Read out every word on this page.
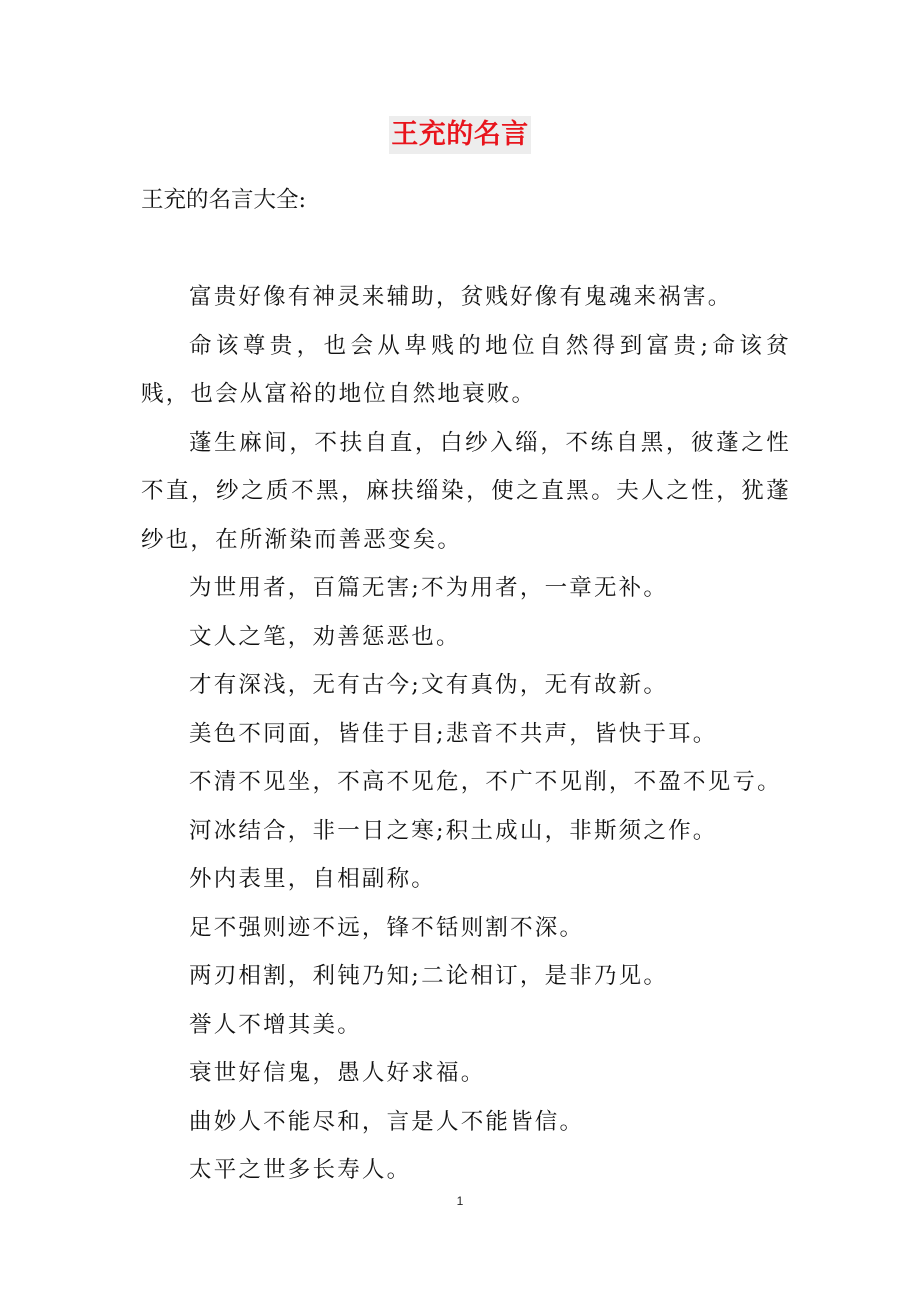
王充的名言

王充的名言大全:

富贵好像有神灵来辅助，贫贱好像有鬼魂来祸害。

命该尊贵，也会从卑贱的地位自然得到富贵;命该贫贱，也会从富裕的地位自然地衰败。

蓬生麻间，不扶自直，白纱入缁，不练自黑，彼蓬之性不直，纱之质不黑，麻扶缁染，使之直黑。夫人之性，犹蓬纱也，在所渐染而善恶变矣。

为世用者，百篇无害;不为用者，一章无补。

文人之笔，劝善惩恶也。

才有深浅，无有古今;文有真伪，无有故新。

美色不同面，皆佳于目;悲音不共声，皆快于耳。

不清不见坐，不高不见危，不广不见削，不盈不见亏。

河冰结合，非一日之寒;积土成山，非斯须之作。

外内表里，自相副称。

足不强则迹不远，锋不铦则割不深。

两刃相割，利钝乃知;二论相订，是非乃见。

誉人不增其美。

衰世好信鬼，愚人好求福。

曲妙人不能尽和，言是人不能皆信。

太平之世多长寿人。

1
